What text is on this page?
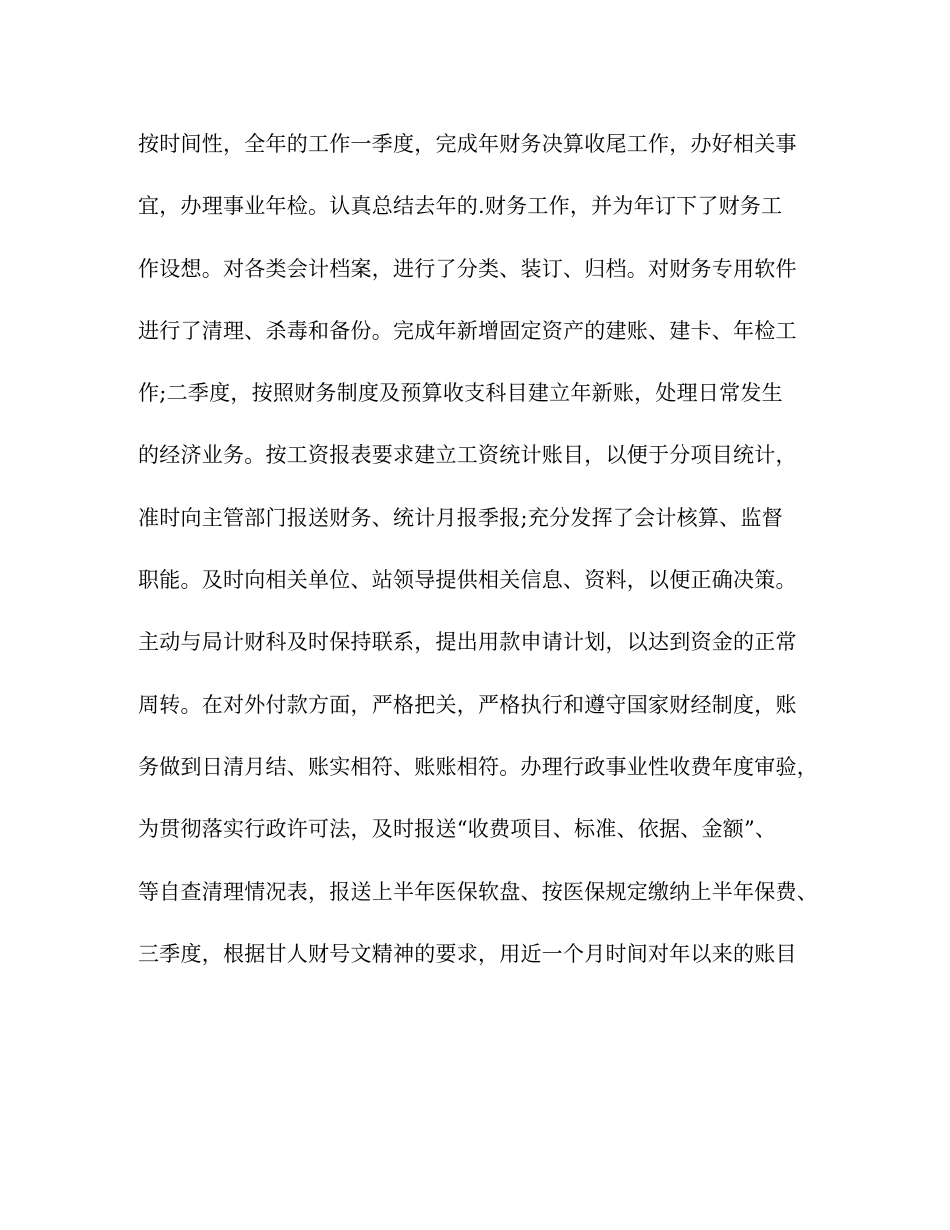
按时间性，全年的工作一季度，完成年财务决算收尾工作，办好相关事
宜，办理事业年检。认真总结去年的.财务工作，并为年订下了财务工
作设想。对各类会计档案，进行了分类、装订、归档。对财务专用软件
进行了清理、杀毒和备份。完成年新增固定资产的建账、建卡、年检工
作;二季度，按照财务制度及预算收支科目建立年新账，处理日常发生
的经济业务。按工资报表要求建立工资统计账目，以便于分项目统计，
准时向主管部门报送财务、统计月报季报;充分发挥了会计核算、监督
职能。及时向相关单位、站领导提供相关信息、资料，以便正确决策。
主动与局计财科及时保持联系，提出用款申请计划，以达到资金的正常
周转。在对外付款方面，严格把关，严格执行和遵守国家财经制度，账
务做到日清月结、账实相符、账账相符。办理行政事业性收费年度审验，
为贯彻落实行政许可法，及时报送“收费项目、标准、依据、金额”、
等自查清理情况表，报送上半年医保软盘、按医保规定缴纳上半年保费、
三季度，根据甘人财号文精神的要求，用近一个月时间对年以来的账目
